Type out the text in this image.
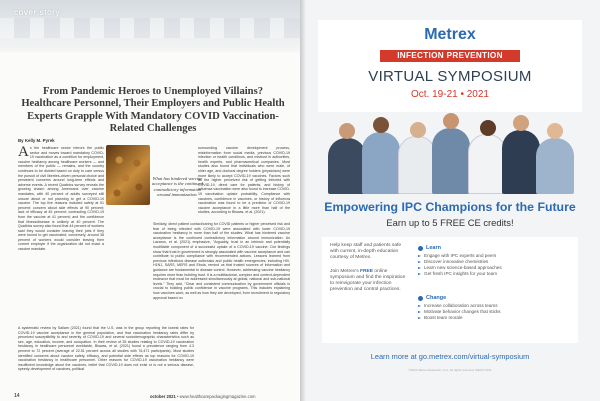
cover story
From Pandemic Heroes to Unemployed Villains? Healthcare Personnel, Their Employers and Public Health Experts Grapple With Mandatory COVID Vaccination-Related Challenges
By Kelly M. Pyrek
A s the healthcare sector mirrors the public sector and moves toward mandatory COVID-19 vaccination as a condition for employment, vaccine hesitancy among healthcare workers — and members of the public — remains, and the country continues to be divided based on duty to care versus the pursuit of civil liberties-driven personal choice and persistent concerns around long-term effects and adverse events. A recent Qualtrics survey reveals the growing chasm among Americans over vaccine mandates, with 40 percent of adults surveyed still unsure about or not planning to get a COVID-19 vaccine. The top five reasons included safety at 51 percent; concern about side effects at 90 percent; lack of efficacy at 45 percent; contracting COVID-19 from the vaccine at 41 percent; and the confidence that illness/disease is unlikely at 40 percent. The Qualtrics survey also found that 44 percent of workers said they would consider leaving their jobs if they were forced to get vaccinated; conversely, around 38 percent of workers would consider leaving their current employer if the organization did not enact a vaccine mandate.
What has hindered vaccine acceptance is the continued contradictory information around immunization.
A systematic review by Sallam (2021) found that the U.S. was in the group reporting the lowest rates for COVID-19 vaccine acceptance in the general population, and that vaccination hesitancy rates differ by perceived susceptibility to and severity of COVID-19 and several sociodemographic characteristics such as sex, age, education, income, and occupation. In their review of 35 studies relating to COVID-19 vaccination hesitancy in healthcare personnel worldwide, Biswas, et al. (2021) found a prevalence ranging from 4.3 percent to 72 percent (average of 22.51 percent across all studies with 76,471 participants). Most studies identified concerns about vaccine safety, efficacy, and potential side effects as top reasons for COVID-19 vaccination hesitancy in healthcare personnel. Other reasons for COVID-19 vaccination hesitancy were insufficient knowledge about the vaccines, belief that COVID-19 does not exist or is not a serious disease, speedy development of vaccines, political
surrounding vaccine development process, misinformation from social media, previous COVID-19 infection or health conditions, and mistrust in authorities, health experts, and pharmaceutical companies. Most studies also found that individuals who were male, of older age, and doctoral degree holders (physicians) were more likely to accept COVID-19 vaccines. Factors such as the higher perceived risk of getting infected with COVID-19, direct care for patients, and history of influenza vaccination were also found to increase COVID-19 vaccination uptake probability. Compliance with vaccines, confidence in vaccines, or history of influenza vaccination was found to be a predictor of COVID-19 vaccine acceptance in a little more than half of the studies, according to Biswas, et al. (2021).
Similarly, direct patient contact/caring for COVID patients or higher perceived risk and fear of being infected with COVID-19 were associated with lower COVID-19 vaccination hesitancy in more than half of the studies. What has hindered vaccine acceptance is the continued contradictory information around immunization. As Lazarus, et al. (2021) emphasize, "Arguably, trust in an intrinsic and potentially modifiable component of a successful uptake of a COVID-19 vaccine. Our findings show that trust in government is strongly associated with vaccine acceptance and can contribute to public compliance with recommended actions. Lessons learned from previous infectious disease outbreaks and public health emergencies, including HIV, H1N1, SARS, MERS and Ebola, remind us that trusted sources of information and guidance are fundamental to disease control. However, addressing vaccine hesitancy requires more than building trust. It is a multifactorial, complex and context-dependent endeavor that must be addressed simultaneously at global, national and sub-national levels." They add, "Clear and consistent communication by government officials is crucial to building public confidence in vaccine programs. This includes explaining how vaccines work, as well as how they are developed, from recruitment to regulatory approval based on
14	october 2021 • www.healthcarepackagingmagazine.com
Metrex
INFECTION PREVENTION
VIRTUAL SYMPOSIUM
Oct. 19-21 • 2021
Empowering IPC Champions for the Future
Earn up to 5 FREE CE credits!
Help keep staff and patients safe with current, in-depth education courtesy of Metrex.
Join Metrex's FREE online symposium and find the inspiration to reinvigorate your infection prevention and control practices.
Learn
Engage with IPC experts and peers
Discover innovative chemistries
Learn new science-based approaches
Get fresh IPC insights for your team
Change
Increase collaboration across teams
Motivate behavior changes that sticks
Boost team morale
Learn more at go.metrex.com/virtual-symposium
©2021 Metrex Research, LLC. All rights reserved. MECS 1021
